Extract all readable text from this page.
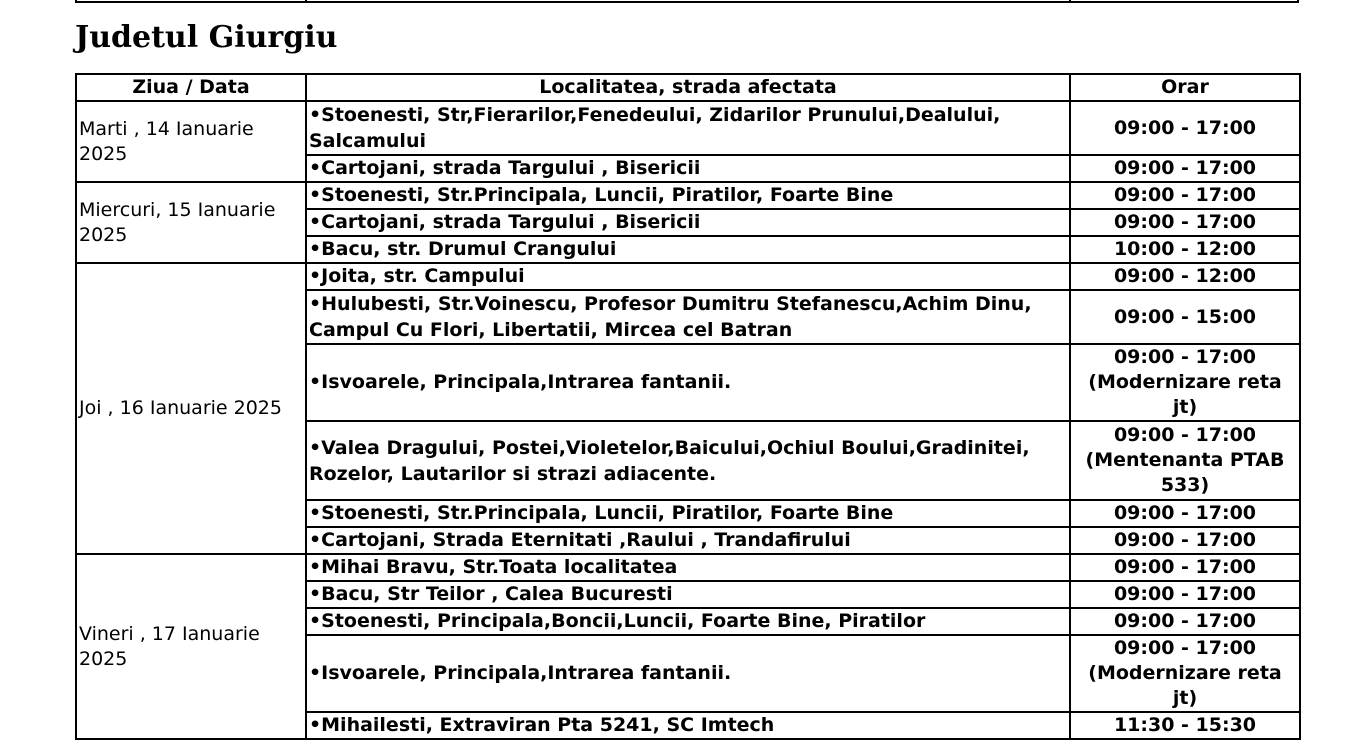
Judetul Giurgiu
Ziua / Data	Localitatea, strada afectata	Orar
Marti , 14 Ianuarie 2025	•Stoenesti, Str,Fierarilor,Fenedeului, Zidarilor Prunului,Dealului, Salcamului	09:00 - 17:00
	•Cartojani, strada Targului , Bisericii	09:00 - 17:00
Miercuri, 15 Ianuarie 2025	•Stoenesti, Str.Principala, Luncii, Piratilor, Foarte Bine	09:00 - 17:00
	•Cartojani, strada Targului , Bisericii	09:00 - 17:00
	•Bacu, str. Drumul Crangului	10:00 - 12:00
Joi , 16 Ianuarie 2025	•Joita, str. Campului	09:00 - 12:00
	•Hulubesti, Str.Voinescu, Profesor Dumitru Stefanescu,Achim Dinu, Campul Cu Flori, Libertatii, Mircea cel Batran	09:00 - 15:00
	•Isvoarele, Principala,Intrarea fantanii.	09:00 - 17:00
(Modernizare reta jt)
	•Valea Dragului, Postei,Violetelor,Baicului,Ochiul Boului,Gradinitei, Rozelor, Lautarilor si strazi adiacente.	09:00 - 17:00
(Mentenanta PTAB 533)
	•Stoenesti, Str.Principala, Luncii, Piratilor, Foarte Bine	09:00 - 17:00
	•Cartojani, Strada Eternitati ,Raului , Trandafirului	09:00 - 17:00
Vineri , 17 Ianuarie 2025	•Mihai Bravu, Str.Toata localitatea	09:00 - 17:00
	•Bacu, Str Teilor , Calea Bucuresti	09:00 - 17:00
	•Stoenesti, Principala,Boncii,Luncii, Foarte Bine, Piratilor	09:00 - 17:00
	•Isvoarele, Principala,Intrarea fantanii.	09:00 - 17:00
(Modernizare reta jt)
	•Mihailesti, Extraviran Pta 5241, SC Imtech	11:30 - 15:30
